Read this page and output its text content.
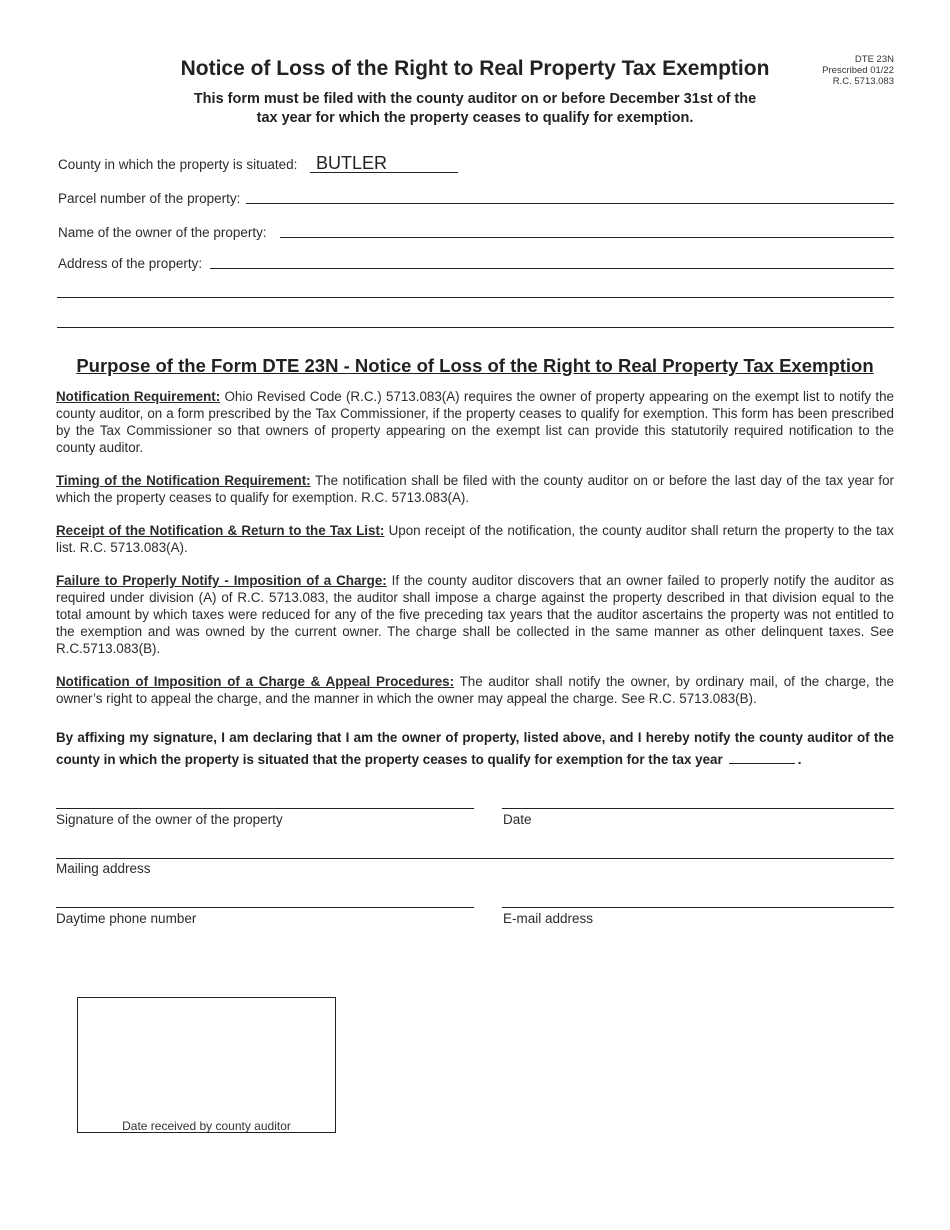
DTE 23N
Prescribed 01/22
R.C. 5713.083
Notice of Loss of the Right to Real Property Tax Exemption
This form must be filed with the county auditor on or before December 31st of the
tax year for which the property ceases to qualify for exemption.
County in which the property is situated: BUTLER
Parcel number of the property:
Name of the owner of the property:
Address of the property:
Purpose of the Form DTE 23N - Notice of Loss of the Right to Real Property Tax Exemption
Notification Requirement: Ohio Revised Code (R.C.) 5713.083(A) requires the owner of property appearing on the exempt list to notify the county auditor, on a form prescribed by the Tax Commissioner, if the property ceases to qualify for exemption. This form has been prescribed by the Tax Commissioner so that owners of property appearing on the exempt list can provide this statutorily required notification to the county auditor.
Timing of the Notification Requirement: The notification shall be filed with the county auditor on or before the last day of the tax year for which the property ceases to qualify for exemption. R.C. 5713.083(A).
Receipt of the Notification & Return to the Tax List: Upon receipt of the notification, the county auditor shall return the property to the tax list. R.C. 5713.083(A).
Failure to Properly Notify - Imposition of a Charge: If the county auditor discovers that an owner failed to properly notify the auditor as required under division (A) of R.C. 5713.083, the auditor shall impose a charge against the property described in that division equal to the total amount by which taxes were reduced for any of the five preceding tax years that the auditor ascertains the property was not entitled to the exemption and was owned by the current owner. The charge shall be collected in the same manner as other delinquent taxes. See R.C.5713.083(B).
Notification of Imposition of a Charge & Appeal Procedures: The auditor shall notify the owner, by ordinary mail, of the charge, the owner’s right to appeal the charge, and the manner in which the owner may appeal the charge. See R.C. 5713.083(B).
By affixing my signature, I am declaring that I am the owner of property, listed above, and I hereby notify the county auditor of the county in which the property is situated that the property ceases to qualify for exemption for the tax year	.
Signature of the owner of the property	Date
Mailing address
Daytime phone number	E-mail address
Date received by county auditor
